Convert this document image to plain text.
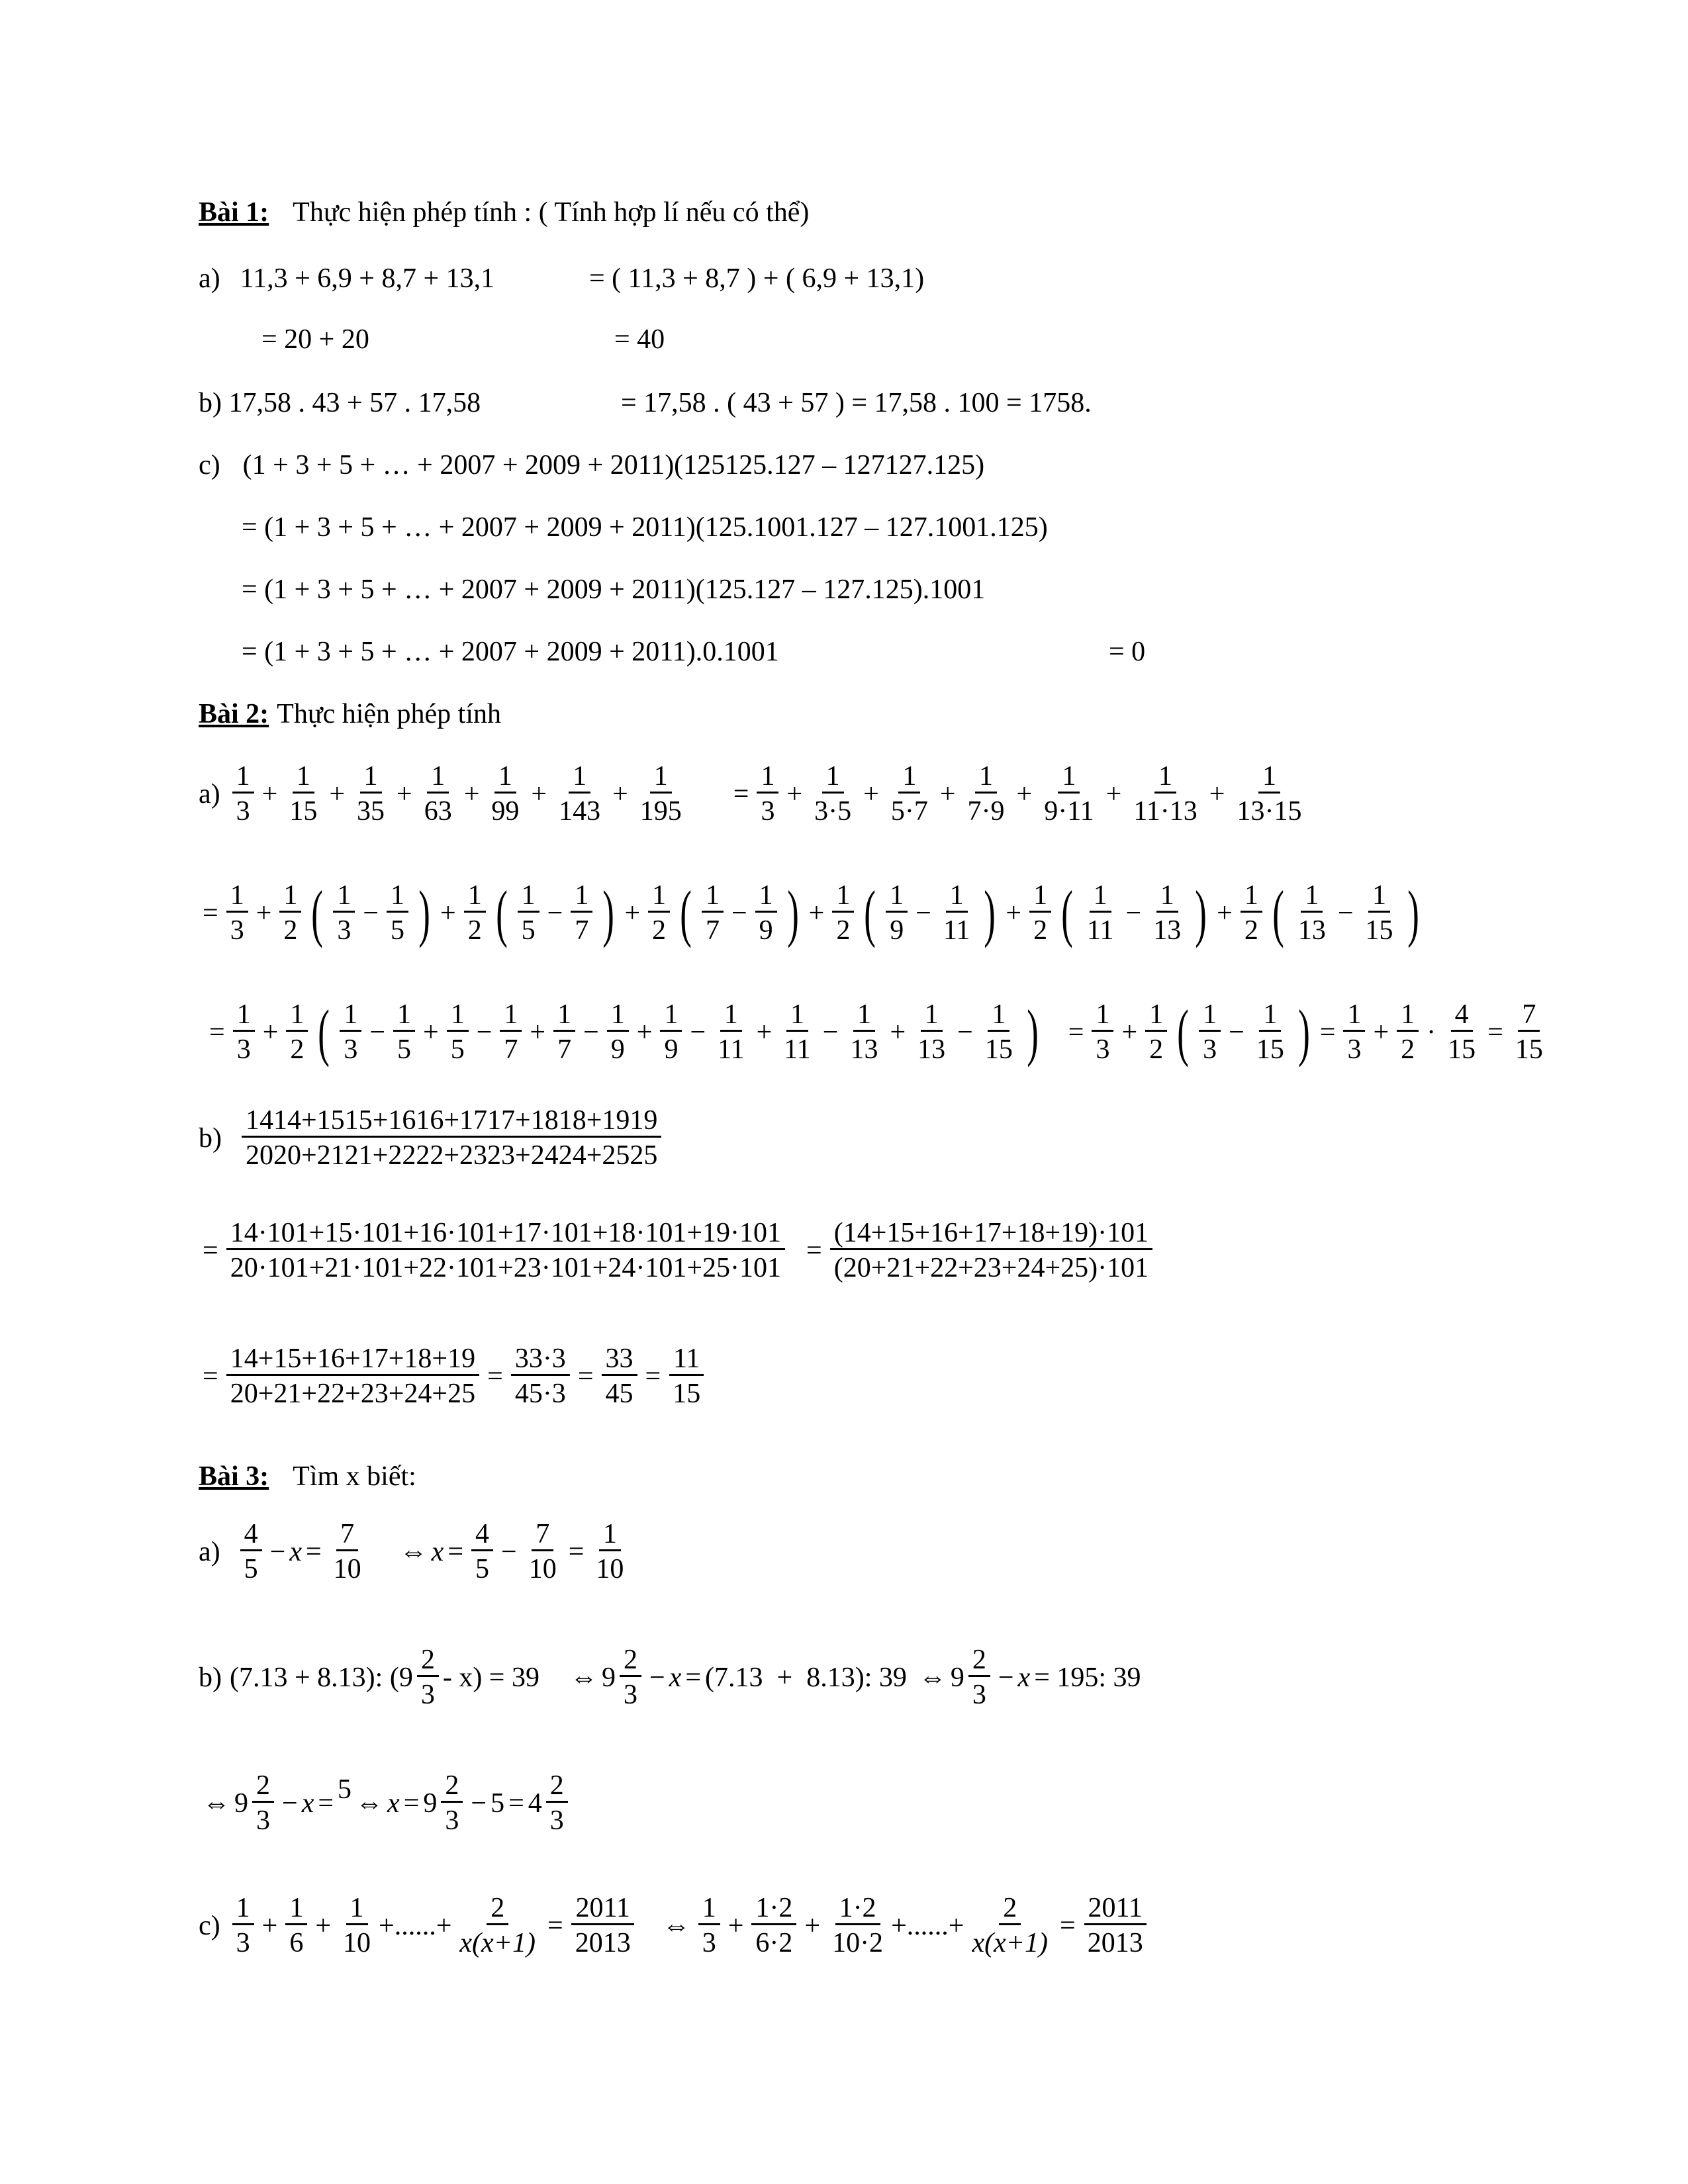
Bài 1: Thực hiện phép tính : ( Tính hợp lí nếu có thể)
a) 11,3 + 6,9 + 8,7 + 13,1	= ( 11,3 + 8,7 ) + ( 6,9 + 13,1)
= 20 + 20	= 40
b) 17,58 . 43 + 57 . 17,58	= 17,58 . ( 43 + 57 ) = 17,58 . 100 = 1758.
c) (1 + 3 + 5 + … + 2007 + 2009 + 2011)(125125.127 – 127127.125)
= (1 + 3 + 5 + … + 2007 + 2009 + 2011)(125.1001.127 – 127.1001.125)
= (1 + 3 + 5 + … + 2007 + 2009 + 2011)(125.127 – 127.125).1001
= (1 + 3 + 5 + … + 2007 + 2009 + 2011).0.1001	= 0
Bài 2: Thực hiện phép tính
$a) \frac{1}{3} + \frac{1}{15} + \frac{1}{35} + \frac{1}{63} + \frac{1}{99} + \frac{1}{143} + \frac{1}{195} = \frac{1}{3} + \frac{1}{3\cdot 5} + \frac{1}{5\cdot 7} + \frac{1}{7\cdot 9} + \frac{1}{9\cdot 11} + \frac{1}{11\cdot 13} + \frac{1}{13\cdot 15}$
= $\frac{1}{3} + \frac{1}{2}$ ( $\frac{1}{3} - \frac{1}{5}$ ) + $\frac{1}{2}$ ( $\frac{1}{5} - \frac{1}{7}$ ) + $\frac{1}{2}$ ( $\frac{1}{7} - \frac{1}{9}$ ) + $\frac{1}{2}$ ( $\frac{1}{9} - \frac{1}{11}$ ) + $\frac{1}{2}$ ( $\frac{1}{11} - \frac{1}{13}$ ) + $\frac{1}{2}$ ( $\frac{1}{13} - \frac{1}{15}$ )
= $\frac{1}{3} + \frac{1}{2}$ ( $\frac{1}{3} - \frac{1}{5} + \frac{1}{5} - \frac{1}{7} + \frac{1}{7} - \frac{1}{9} + \frac{1}{9} - \frac{1}{11} + \frac{1}{11} - \frac{1}{13} + \frac{1}{13} - \frac{1}{15}$ ) = $\frac{1}{3} + \frac{1}{2}$ ( $\frac{1}{3} - \frac{1}{15}$ ) = $\frac{1}{3} + \frac{1}{2} \cdot \frac{4}{15} = \frac{7}{15}$
$b) \frac{1414+1515+1616+1717+1818+1919}{2020+2121+2222+2323+2424+2525}$
= $\frac{14\cdot 101+15\cdot 101+16\cdot 101+17\cdot 101+18\cdot 101+19\cdot 101}{20\cdot 101+21\cdot 101+22\cdot 101+23\cdot 101+24\cdot 101+25\cdot 101} = \frac{(14+15+16+17+18+19)\cdot 101}{(20+21+22+23+24+25)\cdot 101}$
= $\frac{14+15+16+17+18+19}{20+21+22+23+24+25} = \frac{33\cdot 3}{45\cdot 3} = \frac{33}{45} = \frac{11}{15}$
Bài 3: Tìm x biết:
$a) \frac{4}{5} - x = \frac{7}{10}$ ⇔ $x = \frac{4}{5} - \frac{7}{10} = \frac{1}{10}$
b) (7.13 + 8.13): $(9 \frac{2}{3} - x) = 39$ ⇔ $9 \frac{2}{3} - x = (7.13 + 8.13)$: 39 ⇔ $9 \frac{2}{3} - x = 195$: 39
⇔ $9 \frac{2}{3} - x = 5$
⇔ $x = 9 \frac{2}{3} - 5 = 4 \frac{2}{3}$
$c) \frac{1}{3} + \frac{1}{6} + \frac{1}{10}$ +......+ $\frac{2}{x(x+1)} = \frac{2011}{2013}$ ⇔ $\frac{1}{3} + \frac{1\cdot 2}{6\cdot 2} + \frac{1\cdot 2}{10\cdot 2}$ +......+ $\frac{2}{x(x+1)} = \frac{2011}{2013}$
